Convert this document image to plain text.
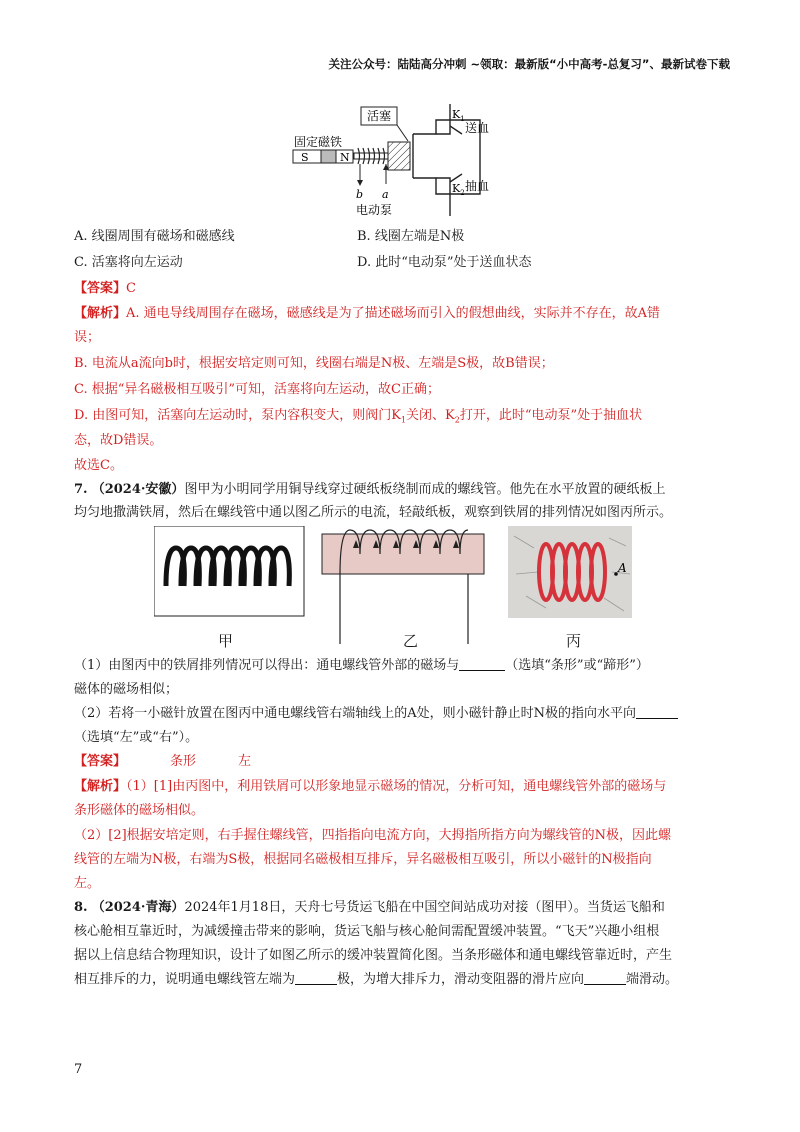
关注公众号：陆陆高分冲刺 ~领取：最新版“小中高考-总复习”、最新试卷下载
活塞
固定磁铁
S	N
$K_1$
$K_2$
送血
抽血
b a
电动泵
A. 线圈周围有磁场和磁感线	B. 线圈左端是N极
C. 活塞将向左运动	D. 此时“电动泵”处于送血状态
【答案】C
【解析】A. 通电导线周围存在磁场，磁感线是为了描述磁场而引入的假想曲线，实际并不存在，故A错
误；
B. 电流从a流向b时，根据安培定则可知，线圈右端是N极、左端是S极，故B错误；
C. 根据“异名磁极相互吸引”可知，活塞将向左运动，故C正确；
D. 由图可知，活塞向左运动时，泵内容积变大，则阀门$K_1$关闭、$K_2$打开，此时“电动泵”处于抽血状
态，故D错误。
故选C。
7. （2024·安徽）图甲为小明同学用铜导线穿过硬纸板绕制而成的螺线管。他先在水平放置的硬纸板上
均匀地撒满铁屑，然后在螺线管中通以图乙所示的电流，轻敲纸板，观察到铁屑的排列情况如图丙所示。
A
甲	乙	丙
（1）由图丙中的铁屑排列情况可以得出：通电螺线管外部的磁场与	（选填“条形”或“蹄形”）
磁体的磁场相似；
（2）若将一小磁针放置在图丙中通电螺线管右端轴线上的A处，则小磁针静止时N极的指向水平向
（选填“左”或“右”）。
【答案】	条形	左
【解析】（1）[1]由丙图中，利用铁屑可以形象地显示磁场的情况，分析可知，通电螺线管外部的磁场与
条形磁体的磁场相似。
（2）[2]根据安培定则，右手握住螺线管，四指指向电流方向，大拇指所指方向为螺线管的N极，因此螺
线管的左端为N极，右端为S极，根据同名磁极相互排斥，异名磁极相互吸引，所以小磁针的N极指向
左。
8. （2024·青海）2024年1月18日，天舟七号货运飞船在中国空间站成功对接（图甲）。当货运飞船和
核心舱相互靠近时，为减缓撞击带来的影响，货运飞船与核心舱间需配置缓冲装置。“飞天”兴趣小组根
据以上信息结合物理知识，设计了如图乙所示的缓冲装置简化图。当条形磁体和通电螺线管靠近时，产生
相互排斥的力，说明通电螺线管左端为	极，为增大排斥力，滑动变阻器的滑片应向	端滑动。
7
